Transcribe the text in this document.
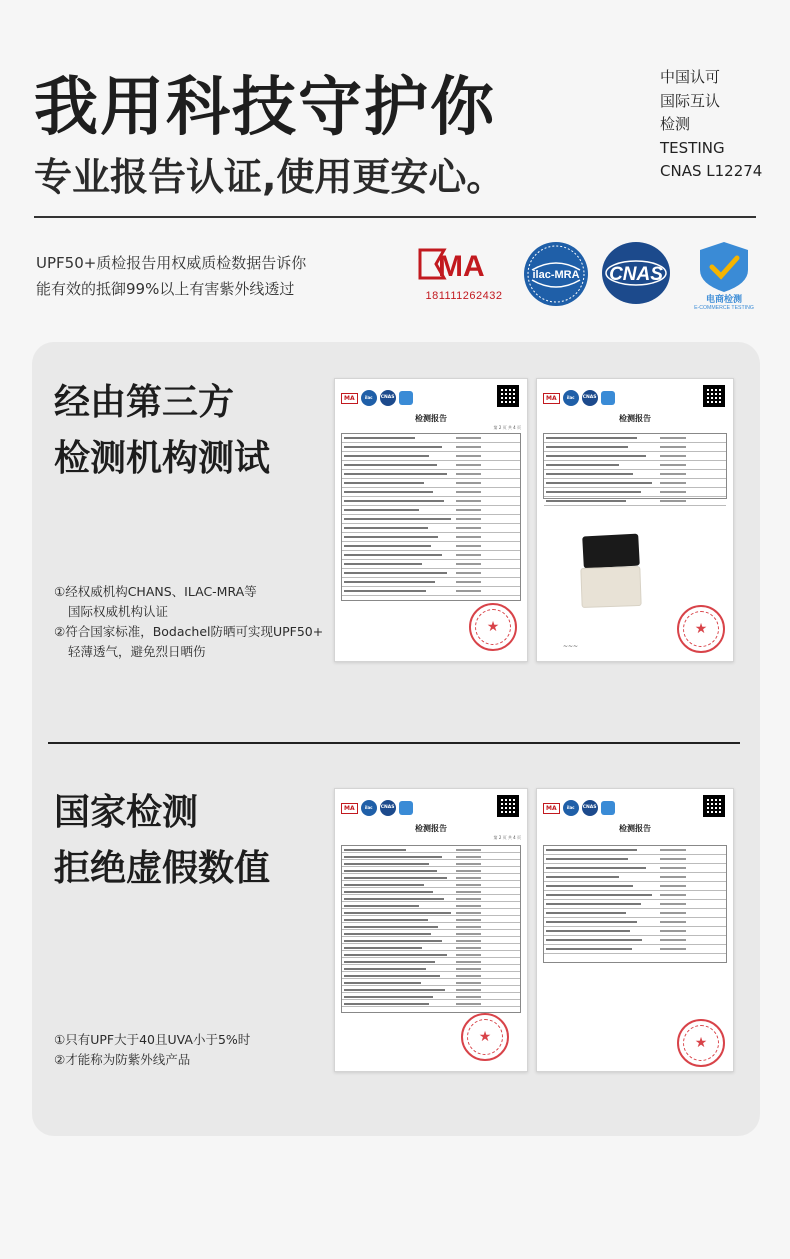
我用科技守护你
专业报告认证,使用更安心。
中国认可
国际互认
检测
TESTING
CNAS L12274
UPF50+质检报告用权威质检数据告诉你
能有效的抵御99%以上有害紫外线透过
MA
181111262432
ilac-MRA CNAS
电商检测
E-COMMERCE TESTING
经由第三方
检测机构测试
①经权威机构CHANS、ILAC-MRA等
国际权威机构认证
②符合国家标准，Bodachel防晒可实现UPF50+
轻薄透气，避免烈日晒伤
MA	ilac	CNAS
检测报告
第 2 页 共 4 页
★
MA	ilac	CNAS
检测报告
~~~
★
国家检测
拒绝虚假数值
①只有UPF大于40且UVA小于5%时
②才能称为防紫外线产品
MA	ilac	CNAS
检测报告
第 2 页 共 4 页
★
MA	ilac	CNAS
检测报告
★
